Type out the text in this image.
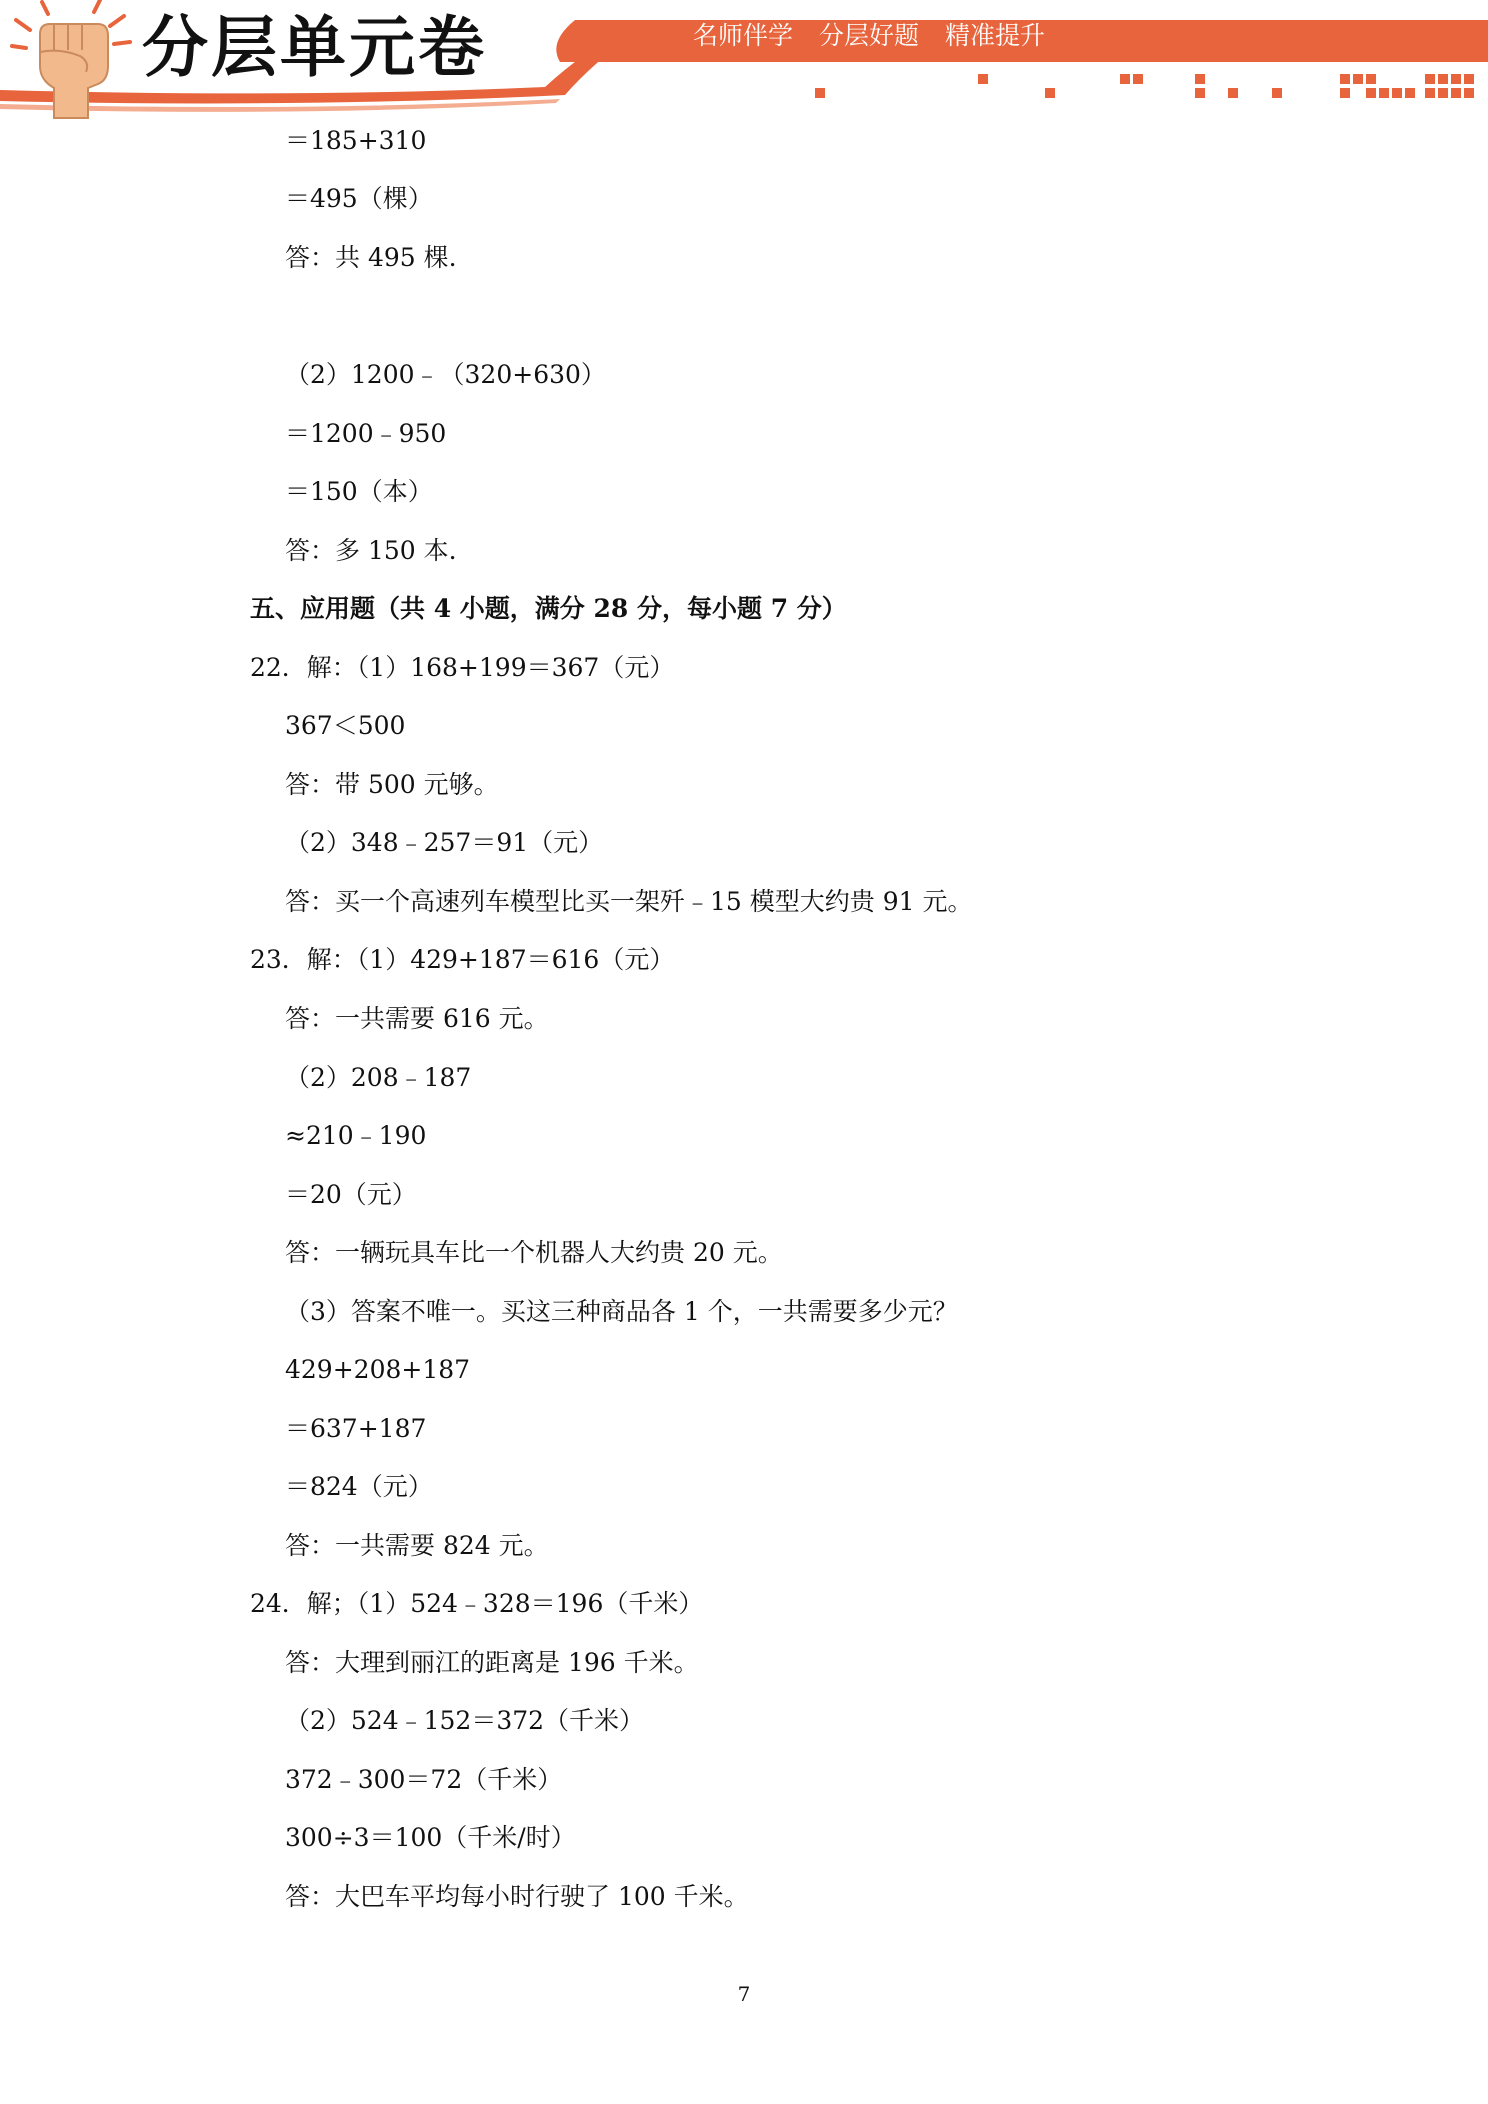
分层单元卷	名师伴学 分层好题 精准提升
＝185+310
＝495（棵）
答：共 495 棵.
（2）1200﹣（320+630）
＝1200﹣950
＝150（本）
答：多 150 本.
五、应用题（共 4 小题，满分 28 分，每小题 7 分）
22．解：（1）168+199＝367（元）
367＜500
答：带 500 元够。
（2）348﹣257＝91（元）
答：买一个高速列车模型比买一架歼﹣15 模型大约贵 91 元。
23．解：（1）429+187＝616（元）
答：一共需要 616 元。
（2）208﹣187
≈210﹣190
＝20（元）
答：一辆玩具车比一个机器人大约贵 20 元。
（3）答案不唯一。买这三种商品各 1 个，一共需要多少元？
429+208+187
＝637+187
＝824（元）
答：一共需要 824 元。
24．解；（1）524﹣328＝196（千米）
答：大理到丽江的距离是 196 千米。
（2）524﹣152＝372（千米）
372﹣300＝72（千米）
300÷3＝100（千米/时）
答：大巴车平均每小时行驶了 100 千米。
7
